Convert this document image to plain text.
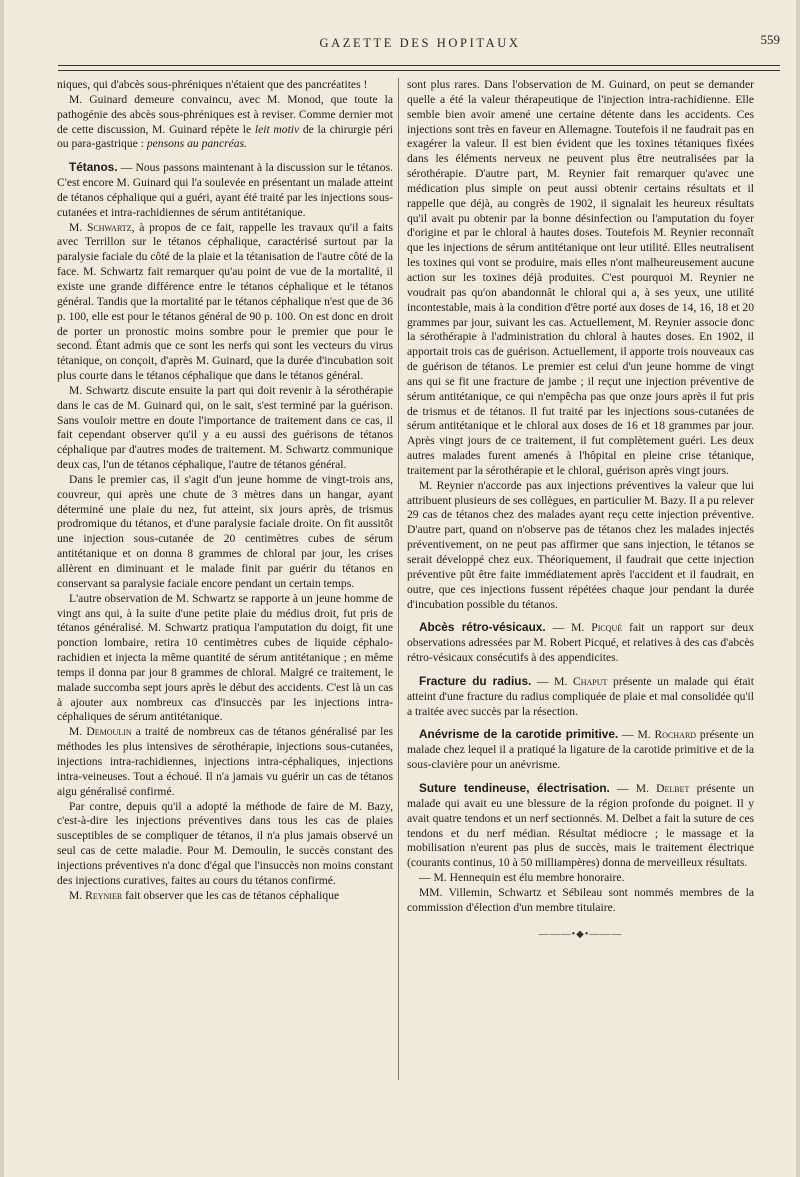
GAZETTE DES HOPITAUX	559

niques, qui d'abcès sous-phréniques n'étaient que des pancréatites !

M. Guinard demeure convaincu, avec M. Monod, que toute la pathogénie des abcès sous-phréniques est à reviser. Comme dernier mot de cette discussion, M. Guinard répète le leit motiv de la chirurgie péri ou para-gastrique : pensons au pancréas.

Tétanos. — Nous passons maintenant à la discussion sur le tétanos. C'est encore M. Guinard qui l'a soulevée en présentant un malade atteint de tétanos céphalique qui a guéri, ayant été traité par les injections sous-cutanées et intra-rachidiennes de sérum antitétanique.

M. Schwartz, à propos de ce fait, rappelle les travaux qu'il a faits avec Terrillon sur le tétanos céphalique, caractérisé surtout par la paralysie faciale du côté de la plaie et la tétanisation de l'autre côté de la face. M. Schwartz fait remarquer qu'au point de vue de la mortalité, il existe une grande différence entre le tétanos céphalique et le tétanos général. Tandis que la mortalité par le tétanos céphalique n'est que de 36 p. 100, elle est pour le tétanos général de 90 p. 100. On est donc en droit de porter un pronostic moins sombre pour le premier que pour le second. Étant admis que ce sont les nerfs qui sont les vecteurs du virus tétanique, on conçoit, d'après M. Guinard, que la durée d'incubation soit plus courte dans le tétanos céphalique que dans le tétanos général.

M. Schwartz discute ensuite la part qui doit revenir à la sérothérapie dans le cas de M. Guinard qui, on le sait, s'est terminé par la guérison. Sans vouloir mettre en doute l'importance de traitement dans ce cas, il fait cependant observer qu'il y a eu aussi des guérisons de tétanos céphalique par d'autres modes de traitement. M. Schwartz communique deux cas, l'un de tétanos céphalique, l'autre de tétanos général.

Dans le premier cas, il s'agit d'un jeune homme de vingt-trois ans, couvreur, qui après une chute de 3 mètres dans un hangar, ayant déterminé une plaie du nez, fut atteint, six jours après, de trismus prodromique du tétanos, et d'une paralysie faciale droite. On fit aussitôt une injection sous-cutanée de 20 centimètres cubes de sérum antitétanique et on donna 8 grammes de chloral par jour, les crises allèrent en diminuant et le malade finit par guérir du tétanos en conservant sa paralysie faciale encore pendant un certain temps.

L'autre observation de M. Schwartz se rapporte à un jeune homme de vingt ans qui, à la suite d'une petite plaie du médius droit, fut pris de tétanos généralisé. M. Schwartz pratiqua l'amputation du doigt, fit une ponction lombaire, retira 10 centimètres cubes de liquide céphalo-rachidien et injecta la même quantité de sérum antitétanique ; en même temps il donna par jour 8 grammes de chloral. Malgré ce traitement, le malade succomba sept jours après le début des accidents. C'est là un cas à ajouter aux nombreux cas d'insuccès par les injections intra-céphaliques de sérum antitétanique.

M. Demoulin a traité de nombreux cas de tétanos généralisé par les méthodes les plus intensives de sérothérapie, injections sous-cutanées, injections intra-rachidiennes, injections intra-céphaliques, injections intra-veineuses. Tout a échoué. Il n'a jamais vu guérir un cas de tétanos aigu généralisé confirmé.

Par contre, depuis qu'il a adopté la méthode de faire de M. Bazy, c'est-à-dire les injections préventives dans tous les cas de plaies susceptibles de se compliquer de tétanos, il n'a plus jamais observé un seul cas de cette maladie. Pour M. Demoulin, le succès constant des injections préventives n'a donc d'égal que l'insuccès non moins constant des injections curatives, faites au cours du tétanos confirmé.

M. Reynier fait observer que les cas de tétanos céphalique

sont plus rares. Dans l'observation de M. Guinard, on peut se demander quelle a été la valeur thérapeutique de l'injection intra-rachidienne. Elle semble bien avoir amené une certaine détente dans les accidents. Ces injections sont très en faveur en Allemagne. Toutefois il ne faudrait pas en exagérer la valeur. Il est bien évident que les toxines tétaniques fixées dans les éléments nerveux ne peuvent plus être neutralisées par la sérothérapie. D'autre part, M. Reynier fait remarquer qu'avec une médication plus simple on peut aussi obtenir certains résultats et il rappelle que déjà, au congrès de 1902, il signalait les heureux résultats qu'il avait pu obtenir par la bonne désinfection ou l'amputation du foyer d'origine et par le chloral à hautes doses. Toutefois M. Reynier reconnaît que les injections de sérum antitétanique ont leur utilité. Elles neutralisent les toxines qui vont se produire, mais elles n'ont malheureusement aucune action sur les toxines déjà produites. C'est pourquoi M. Reynier ne voudrait pas qu'on abandonnât le chloral qui a, à ses yeux, une utilité incontestable, mais à la condition d'être porté aux doses de 14, 16, 18 et 20 grammes par jour, suivant les cas. Actuellement, M. Reynier associe donc la sérothérapie à l'administration du chloral à hautes doses. En 1902, il apportait trois cas de guérison. Actuellement, il apporte trois nouveaux cas de guérison de tétanos. Le premier est celui d'un jeune homme de vingt ans qui se fit une fracture de jambe ; il reçut une injection préventive de sérum antitétanique, ce qui n'empêcha pas que onze jours après il fut pris de trismus et de tétanos. Il fut traité par les injections sous-cutanées de sérum antitétanique et le chloral aux doses de 16 et 18 grammes par jour. Après vingt jours de ce traitement, il fut complètement guéri. Les deux autres malades furent amenés à l'hôpital en pleine crise tétanique, traitement par la sérothérapie et le chloral, guérison après vingt jours.

M. Reynier n'accorde pas aux injections préventives la valeur que lui attribuent plusieurs de ses collègues, en particulier M. Bazy. Il a pu relever 29 cas de tétanos chez des malades ayant reçu cette injection préventive. D'autre part, quand on n'observe pas de tétanos chez les malades injectés préventivement, on ne peut pas affirmer que sans injection, le tétanos se serait développé chez eux. Théoriquement, il faudrait que cette injection préventive pût être faite immédiatement après l'accident et il faudrait, en outre, que ces injections fussent répétées chaque jour pendant la durée d'incubation possible du tétanos.

Abcès rétro-vésicaux. — M. Picqué fait un rapport sur deux observations adressées par M. Robert Picqué, et relatives à des cas d'abcès rétro-vésicaux consécutifs à des appendicites.

Fracture du radius. — M. Chaput présente un malade qui était atteint d'une fracture du radius compliquée de plaie et mal consolidée qu'il a traitée avec succès par la résection.

Anévrisme de la carotide primitive. — M. Rochard présente un malade chez lequel il a pratiqué la ligature de la carotide primitive et de la sous-clavière pour un anévrisme.

Suture tendineuse, électrisation. — M. Delbet présente un malade qui avait eu une blessure de la région profonde du poignet. Il y avait quatre tendons et un nerf sectionnés. M. Delbet a fait la suture de ces tendons et du nerf médian. Résultat médiocre ; le massage et la mobilisation n'eurent pas plus de succès, mais le traitement électrique (courants continus, 10 à 50 milliampères) donna de merveilleux résultats.

— M. Hennequin est élu membre honoraire.

MM. Villemin, Schwartz et Sébileau sont nommés membres de la commission d'élection d'un membre titulaire.

———•◆•———
